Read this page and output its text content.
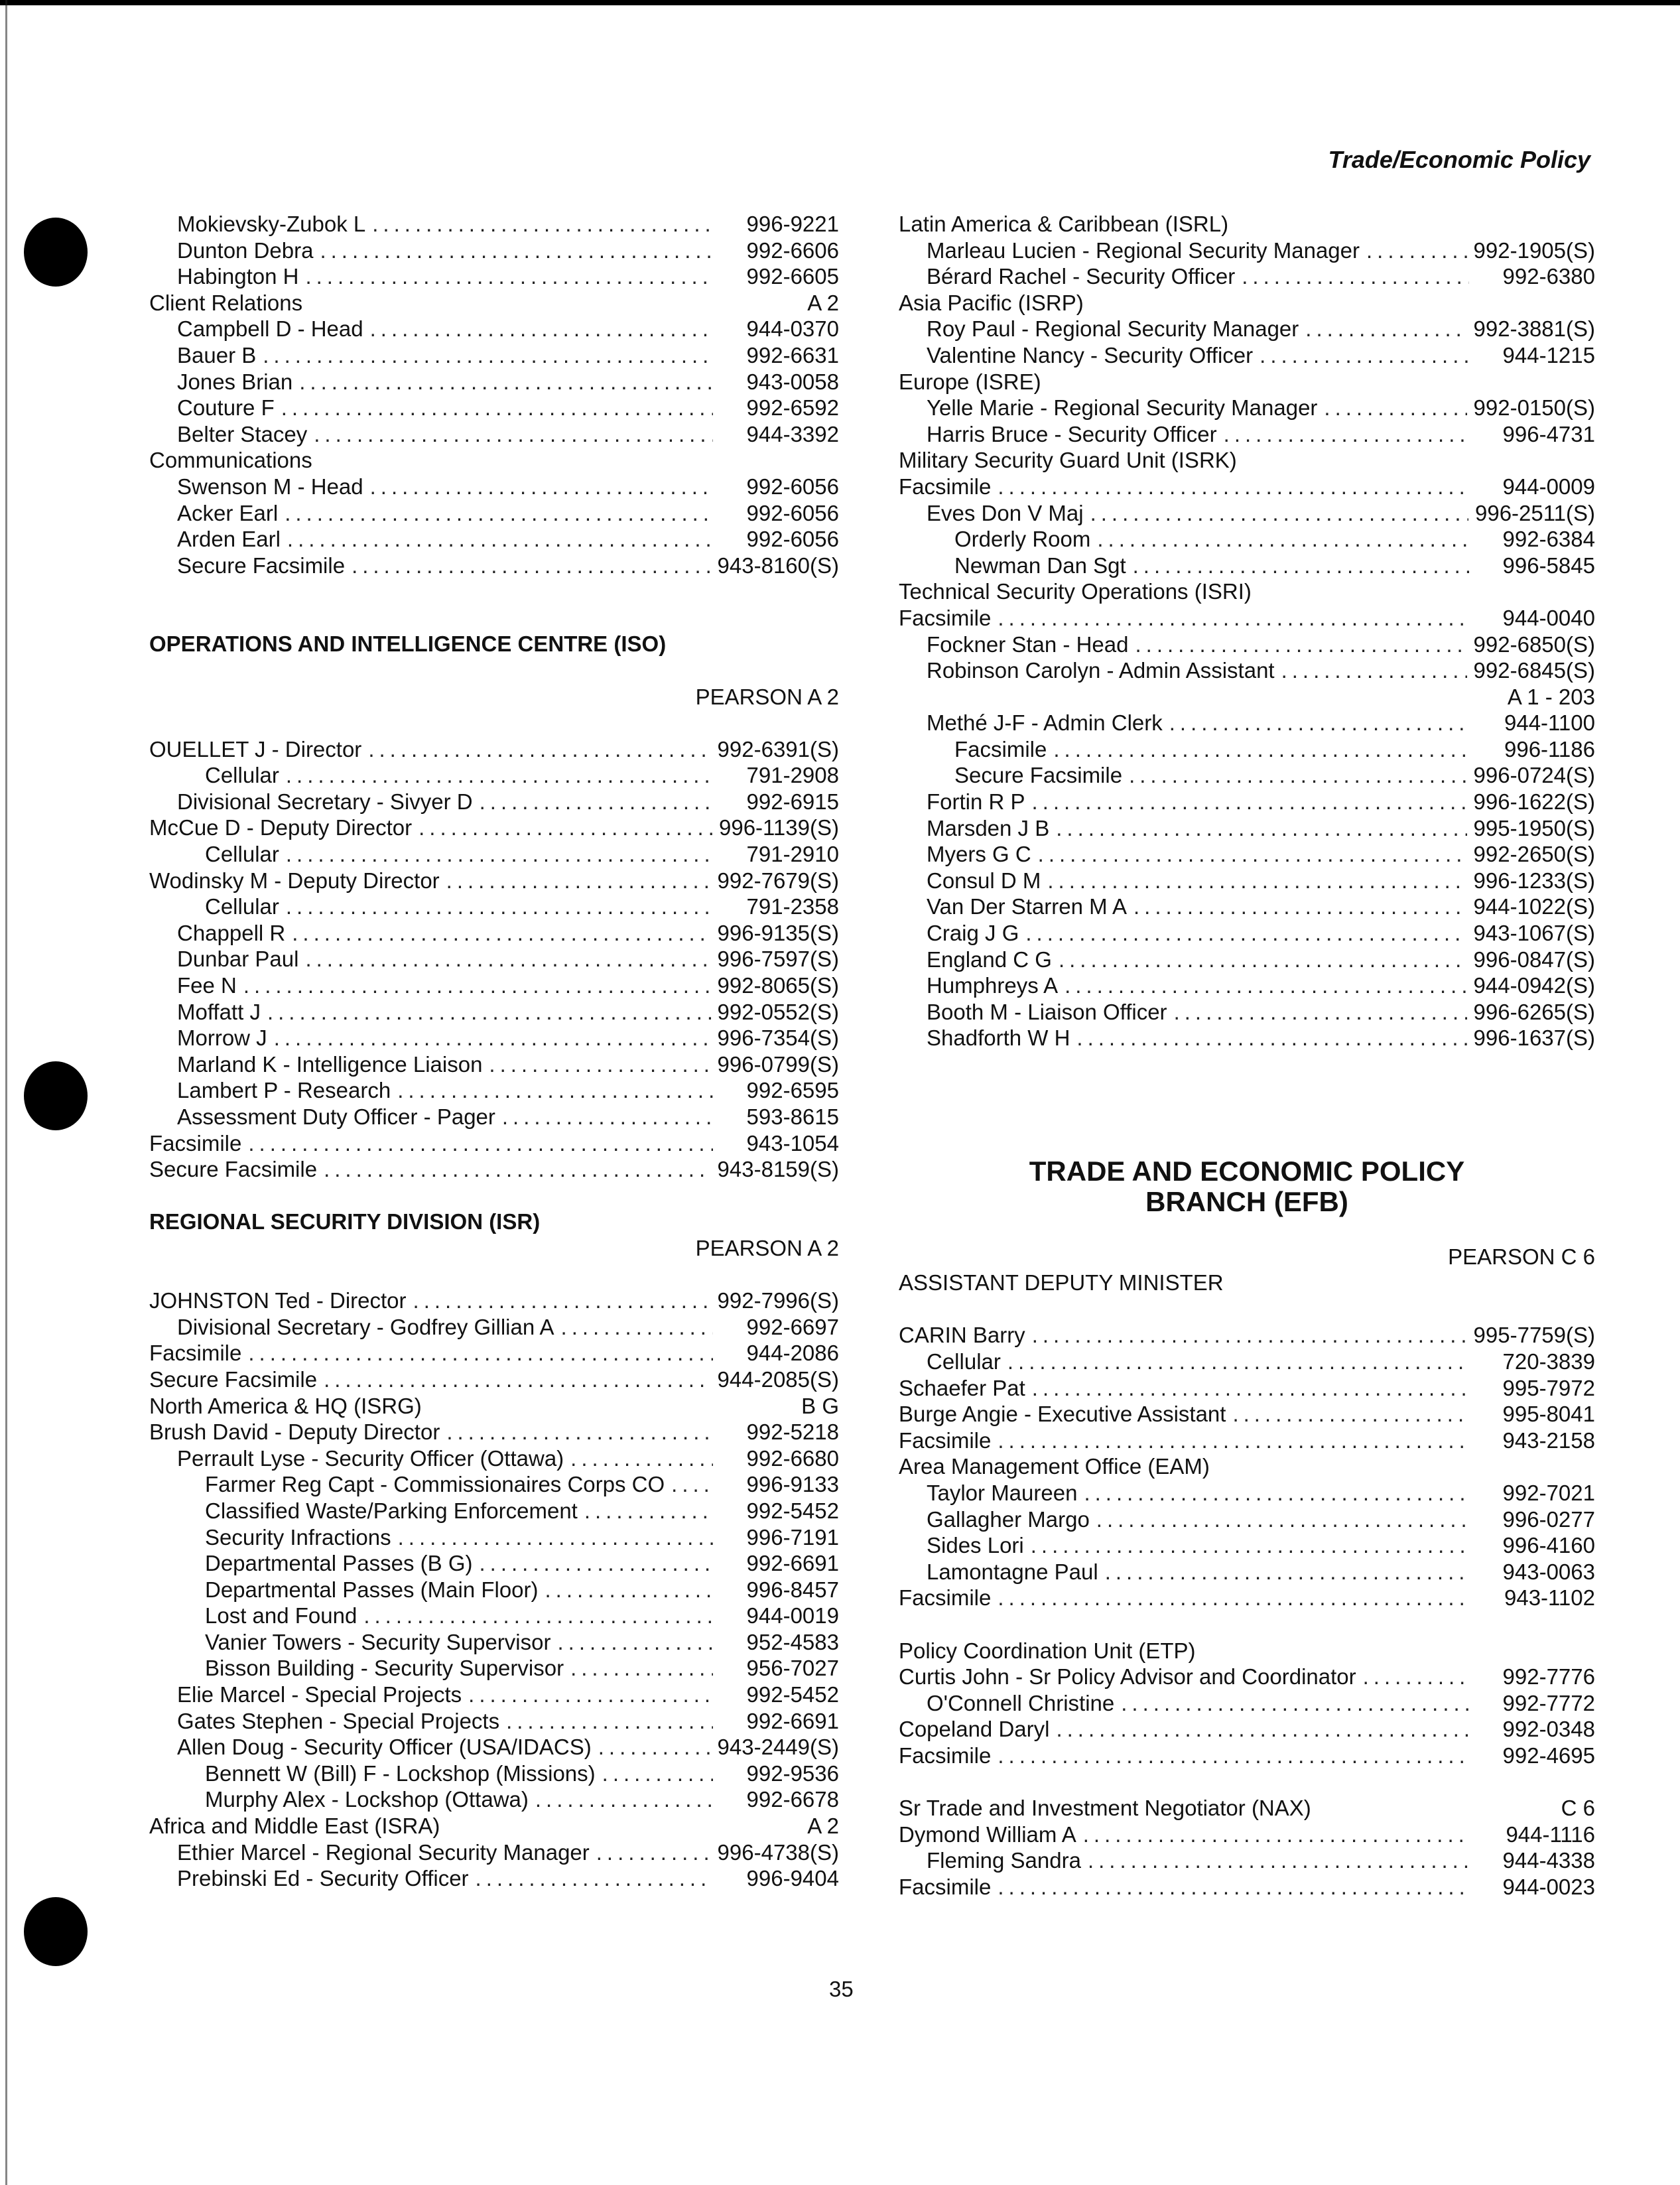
Trade/Economic Policy
Mokievsky-Zubok L .....	996-9221
Dunton Debra .....	992-6606
Habington H .....	992-6605
Client Relations	A 2
Campbell D - Head .....	944-0370
Bauer B .....	992-6631
Jones Brian .....	943-0058
Couture F .....	992-6592
Belter Stacey .....	944-3392
Communications
Swenson M - Head .....	992-6056
Acker Earl .....	992-6056
Arden Earl .....	992-6056
Secure Facsimile .....	943-8160(S)
OPERATIONS AND INTELLIGENCE CENTRE (ISO)
PEARSON A 2
OUELLET J - Director .....	992-6391(S)
Cellular .....	791-2908
Divisional Secretary - Sivyer D .....	992-6915
McCue D - Deputy Director .....	996-1139(S)
Cellular .....	791-2910
Wodinsky M - Deputy Director .....	992-7679(S)
Cellular .....	791-2358
Chappell R .....	996-9135(S)
Dunbar Paul .....	996-7597(S)
Fee N .....	992-8065(S)
Moffatt J .....	992-0552(S)
Morrow J .....	996-7354(S)
Marland K - Intelligence Liaison .....	996-0799(S)
Lambert P - Research .....	992-6595
Assessment Duty Officer - Pager .....	593-8615
Facsimile .....	943-1054
Secure Facsimile .....	943-8159(S)
REGIONAL SECURITY DIVISION (ISR)
PEARSON A 2
JOHNSTON Ted - Director .....	992-7996(S)
Divisional Secretary - Godfrey Gillian A .....	992-6697
Facsimile .....	944-2086
Secure Facsimile .....	944-2085(S)
North America & HQ (ISRG)	B G
Brush David - Deputy Director .....	992-5218
Perrault Lyse - Security Officer (Ottawa) .....	992-6680
Farmer Reg Capt - Commissionaires Corps CO .....	996-9133
Classified Waste/Parking Enforcement .....	992-5452
Security Infractions .....	996-7191
Departmental Passes (B G) .....	992-6691
Departmental Passes (Main Floor) .....	996-8457
Lost and Found .....	944-0019
Vanier Towers - Security Supervisor .....	952-4583
Bisson Building - Security Supervisor .....	956-7027
Elie Marcel - Special Projects .....	992-5452
Gates Stephen - Special Projects .....	992-6691
Allen Doug - Security Officer (USA/IDACS) .....	943-2449(S)
Bennett W (Bill) F - Lockshop (Missions) .....	992-9536
Murphy Alex - Lockshop (Ottawa) .....	992-6678
Africa and Middle East (ISRA)	A 2
Ethier Marcel - Regional Security Manager .....	996-4738(S)
Prebinski Ed - Security Officer .....	996-9404
Latin America & Caribbean (ISRL)
Marleau Lucien - Regional Security Manager .....	992-1905(S)
Bérard Rachel - Security Officer .....	992-6380
Asia Pacific (ISRP)
Roy Paul - Regional Security Manager .....	992-3881(S)
Valentine Nancy - Security Officer .....	944-1215
Europe (ISRE)
Yelle Marie - Regional Security Manager .....	992-0150(S)
Harris Bruce - Security Officer .....	996-4731
Military Security Guard Unit (ISRK)
Facsimile .....	944-0009
Eves Don V Maj .....	996-2511(S)
Orderly Room .....	992-6384
Newman Dan Sgt .....	996-5845
Technical Security Operations (ISRI)
Facsimile .....	944-0040
Fockner Stan - Head .....	992-6850(S)
Robinson Carolyn - Admin Assistant .....	992-6845(S)
A 1 - 203
Methé J-F - Admin Clerk .....	944-1100
Facsimile .....	996-1186
Secure Facsimile .....	996-0724(S)
Fortin R P .....	996-1622(S)
Marsden J B .....	995-1950(S)
Myers G C .....	992-2650(S)
Consul D M .....	996-1233(S)
Van Der Starren M A .....	944-1022(S)
Craig J G .....	943-1067(S)
England C G .....	996-0847(S)
Humphreys A .....	944-0942(S)
Booth M - Liaison Officer .....	996-6265(S)
Shadforth W H .....	996-1637(S)
TRADE AND ECONOMIC POLICY
BRANCH (EFB)
PEARSON C 6
ASSISTANT DEPUTY MINISTER
CARIN Barry .....	995-7759(S)
Cellular .....	720-3839
Schaefer Pat .....	995-7972
Burge Angie - Executive Assistant .....	995-8041
Facsimile .....	943-2158
Area Management Office (EAM)
Taylor Maureen .....	992-7021
Gallagher Margo .....	996-0277
Sides Lori .....	996-4160
Lamontagne Paul .....	943-0063
Facsimile .....	943-1102
Policy Coordination Unit (ETP)
Curtis John - Sr Policy Advisor and Coordinator .....	992-7776
O'Connell Christine .....	992-7772
Copeland Daryl .....	992-0348
Facsimile .....	992-4695
Sr Trade and Investment Negotiator (NAX)	C 6
Dymond William A .....	944-1116
Fleming Sandra .....	944-4338
Facsimile .....	944-0023
35
